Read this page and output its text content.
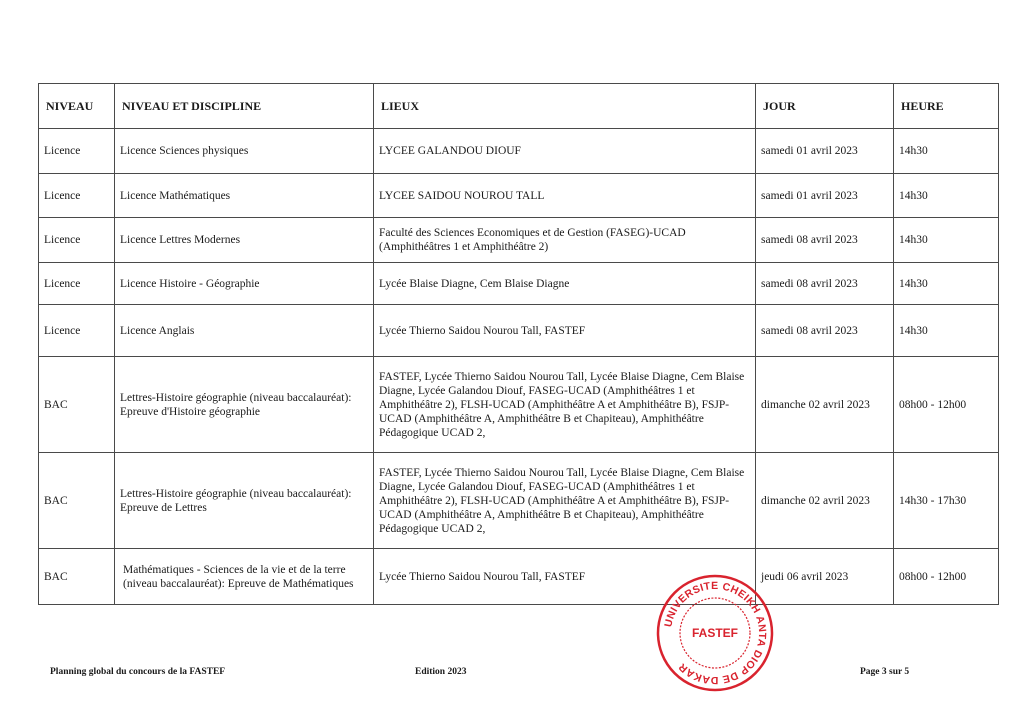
NIVEAU	NIVEAU ET DISCIPLINE	LIEUX	JOUR	HEURE
Licence	Licence Sciences physiques	LYCEE GALANDOU DIOUF	samedi 01 avril 2023	14h30
Licence	Licence Mathématiques	LYCEE SAIDOU NOUROU TALL	samedi 01 avril 2023	14h30
Licence	Licence Lettres Modernes	Faculté des Sciences Economiques et de Gestion (FASEG)-UCAD (Amphithéâtres 1 et Amphithéâtre 2)	samedi 08 avril 2023	14h30
Licence	Licence Histoire - Géographie	Lycée Blaise Diagne, Cem Blaise Diagne	samedi 08 avril 2023	14h30
Licence	Licence Anglais	Lycée Thierno Saidou Nourou Tall, FASTEF	samedi 08 avril 2023	14h30
BAC	Lettres-Histoire géographie (niveau baccalauréat): Epreuve d'Histoire géographie	FASTEF, Lycée Thierno Saidou Nourou Tall, Lycée Blaise Diagne, Cem Blaise Diagne, Lycée Galandou Diouf, FASEG-UCAD (Amphithéâtres 1 et Amphithéâtre 2), FLSH-UCAD (Amphithéâtre A et Amphithéâtre B), FSJP-UCAD (Amphithéâtre A, Amphithéâtre B et Chapiteau), Amphithéâtre Pédagogique UCAD 2,	dimanche 02 avril 2023	08h00 - 12h00
BAC	Lettres-Histoire géographie (niveau baccalauréat): Epreuve de Lettres	FASTEF, Lycée Thierno Saidou Nourou Tall, Lycée Blaise Diagne, Cem Blaise Diagne, Lycée Galandou Diouf, FASEG-UCAD (Amphithéâtres 1 et Amphithéâtre 2), FLSH-UCAD (Amphithéâtre A et Amphithéâtre B), FSJP-UCAD (Amphithéâtre A, Amphithéâtre B et Chapiteau), Amphithéâtre Pédagogique UCAD 2,	dimanche 02 avril 2023	14h30 - 17h30
BAC	Mathématiques - Sciences de la vie et de la terre (niveau baccalauréat): Epreuve de Mathématiques	Lycée Thierno Saidou Nourou Tall, FASTEF	jeudi 06 avril 2023	08h00 - 12h00
Planning global du concours de la FASTEF	Edition 2023	Page 3 sur 5
UNIVERSITE CHEIKH ANTA DIOP DE DAKAR
FASTEF
